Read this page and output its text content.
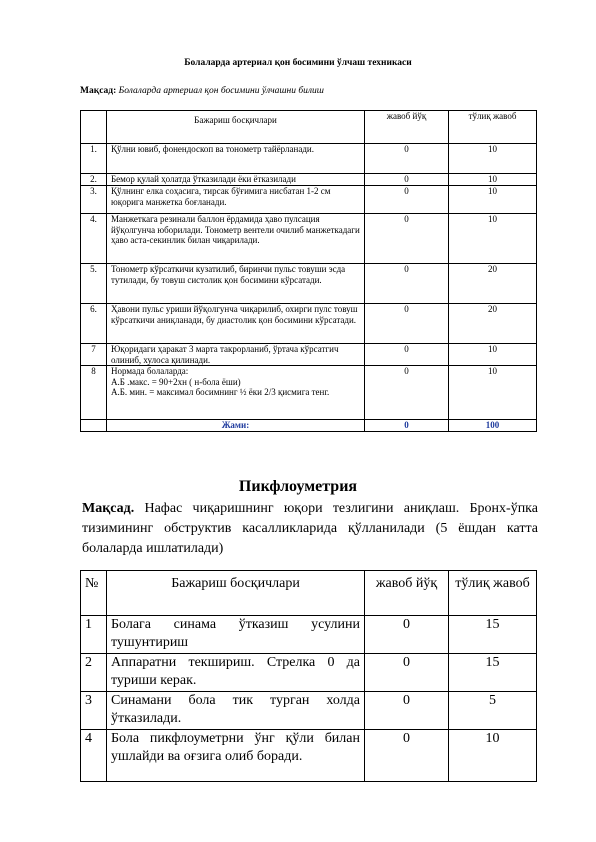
Болаларда артериал қон босимини ўлчаш техникаси
Мақсад: Болаларда артериал қон босимини ўлчашни билиш
	Бажариш босқичлари	жавоб йўқ	тўлиқ жавоб
1.	Қўлни ювиб, фонендоскоп ва тонометр тайёрланади.	0	10
2.	Бемор қулай ҳолатда ўтказилади ёки ётказилади	0	10
3.	Қўлнинг елка соҳасига, тирсак бўғимига нисбатан 1-2 см юқорига манжетка боғланади.	0	10
4.	Манжеткага резинали баллон ёрдамида ҳаво пулсация йўқолгунча юборилади. Тонометр вентели очилиб манжеткадаги ҳаво аста-секинлик билан чиқарилади.	0	10
5.	Тонометр кўрсаткичи кузатилиб, биринчи пульс товуши эсда тутилади, бу товуш систолик қон босимини кўрсатади.	0	20
6.	Ҳавони пульс уриши йўқолгунча чиқарилиб, охирги пулс товуш кўрсаткичи аниқланади, бу диастолик қон босимини кўрсатади.	0	20
7	Юқоридаги ҳаракат 3 марта такрорланиб, ўртача кўрсатгич олиниб, хулоса қилинади.	0	10
8	Нормада болаларда:
А.Б .макс. = 90+2хн ( н-бола ёши)
А.Б. мин. = максимал босимнинг ½ ёки 2/3 қисмига тенг.	0	10
	Жами:	0	100
Пикфлоуметрия
Мақсад. Нафас чиқаришнинг юқори тезлигини аниқлаш. Бронх-ўпка тизимининг обструктив касалликларида қўлланилади (5 ёшдан катта болаларда ишлатилади)
№	Бажариш босқичлари	жавоб йўқ	тўлиқ жавоб
1	Болага синама ўтказиш усулини тушунтириш	0	15
2	Аппаратни текшириш. Стрелка 0 да туриши керак.	0	15
3	Синамани бола тик турган холда ўтказилади.	0	5
4	Бола пикфлоуметрни ўнг қўли билан ушлайди ва оғзига олиб боради.	0	10
